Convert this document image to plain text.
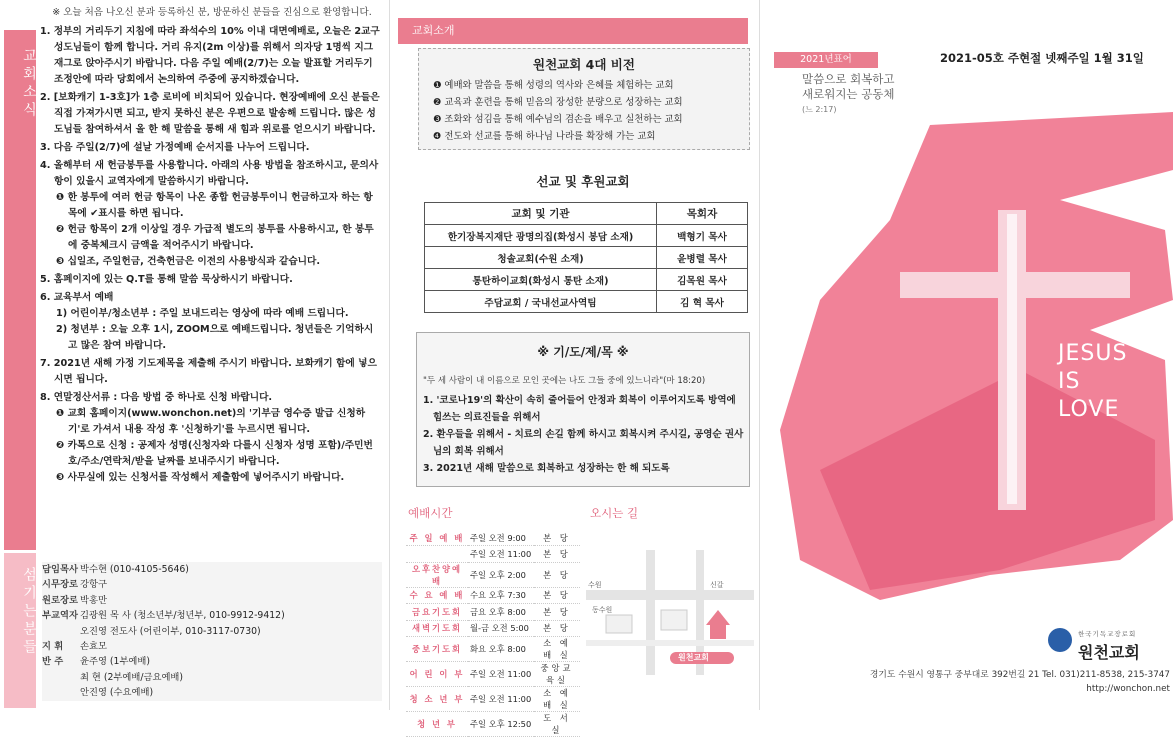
교회소식
섬기는분들
※ 오늘 처음 나오신 분과 등록하신 분, 방문하신 분들을 진심으로 환영합니다.
1. 정부의 거리두기 지침에 따라 좌석수의 10% 이내 대면예배로, 오늘은 2교구 성도님들이 함께 합니다. 거리 유지(2m 이상)를 위해서 의자당 1명씩 지그재그로 앉아주시기 바랍니다. 다음 주일 예배(2/7)는 오늘 발표할 거리두기 조정안에 따라 당회에서 논의하여 주중에 공지하겠습니다.
2. [보화캐기 1-3호]가 1층 로비에 비치되어 있습니다. 현장예배에 오신 분들은 직접 가져가시면 되고, 받지 못하신 분은 우편으로 발송해 드립니다. 많은 성도님들 참여하셔서 올 한 해 말씀을 통해 새 힘과 위로를 얻으시기 바랍니다.
3. 다음 주일(2/7)에 설날 가정예배 순서지를 나누어 드립니다.
4. 올해부터 새 헌금봉투를 사용합니다. 아래의 사용 방법을 참조하시고, 문의사항이 있을시 교역자에게 말씀하시기 바랍니다.
❶ 한 봉투에 여러 헌금 항목이 나온 종합 헌금봉투이니 헌금하고자 하는 항목에 ✔표시를 하면 됩니다.
❷ 헌금 항목이 2개 이상일 경우 가급적 별도의 봉투를 사용하시고, 한 봉투에 중복체크시 금액을 적어주시기 바랍니다.
❸ 십일조, 주일헌금, 건축헌금은 이전의 사용방식과 같습니다.
5. 홈페이지에 있는 Q.T를 통해 말씀 묵상하시기 바랍니다.
6. 교육부서 예배
1) 어린이부/청소년부 : 주일 보내드리는 영상에 따라 예배 드립니다.
2) 청년부 : 오늘 오후 1시, ZOOM으로 예배드립니다. 청년들은 기억하시고 많은 참여 바랍니다.
7. 2021년 새해 가정 기도제목을 제출해 주시기 바랍니다. 보화캐기 함에 넣으시면 됩니다.
8. 연말정산서류 : 다음 방법 중 하나로 신청 바랍니다.
❶ 교회 홈페이지(www.wonchon.net)의 '기부금 영수증 발급 신청하기'로 가셔서 내용 작성 후 '신청하기'를 누르시면 됩니다.
❷ 카톡으로 신청 : 공제자 성명(신청자와 다를시 신청자 성명 포함)/주민번호/주소/연락처/받을 날짜를 보내주시기 바랍니다.
❸ 사무실에 있는 신청서를 작성해서 제출함에 넣어주시기 바랍니다.
담임목사 박수현 (010-4105-5646)
시무장로 강항구
원로장로 박홍만
부교역자 김광원 목 사 (청소년부/청년부, 010-9912-9412)
오진영 전도사 (어린이부, 010-3117-0730)
지 휘	손효모
반 주	윤주영 (1부예배)
최 현 (2부예배/금요예배)
안진영 (수요예배)
교회소개
원천교회 4대 비전
❶ 예배와 말씀을 통해 성령의 역사와 은혜를 체험하는 교회
❷ 교육과 훈련을 통해 믿음의 장성한 분량으로 성장하는 교회
❸ 조화와 섬김을 통해 예수님의 겸손을 배우고 실천하는 교회
❹ 전도와 선교를 통해 하나님 나라를 확장해 가는 교회
선교 및 후원교회
교회 및 기관	목회자
한기장복지재단 광명의집(화성시 봉담 소재)	백형기 목사
청솔교회(수원 소재)	윤병렬 목사
통탄하이교회(화성시 통탄 소재)	김목원 목사
주담교회 / 국내선교사역팀	김 혁 목사
※ 기/도/제/목 ※
"두 세 사람이 내 이름으로 모인 곳에는 나도 그들 중에 있느니라"(마 18:20)
1. '코로나19'의 확산이 속히 줄어들어 안정과 회복이 이루어지도록 방역에 힘쓰는 의료진들을 위해서
2. 환우들을 위해서 - 치료의 손길 함께 하시고 회복시켜 주시길, 공영순 권사님의 회복 위해서
3. 2021년 새해 말씀으로 회복하고 성장하는 한 해 되도록
예배시간
주 일 예 배	주일 오전 9:00	본 당
	주일 오전 11:00	본 당
오후찬양예배	주일 오후 2:00	본 당
수 요 예 배	수요 오후 7:30	본 당
금요기도회	금요 오후 8:00	본 당
새벽기도회	월-금 오전 5:00	본 당
중보기도회	화요 오후 8:00	소 예 배 실
어 린 이 부	주일 오전 11:00	중앙교육실
청 소 년 부	주일 오전 11:00	소 예 배 실
청 년 부	주일 오후 12:50	도 서 실
오시는 길
원천교회
신갈
수원
동수원
2021년표어	2021-05호 주현절 넷째주일 1월 31일
말씀으로 회복하고
새로워지는 공동체
(느 2:17)
JESUS
IS
LOVE
한국기독교장로회
원천교회
경기도 수원시 영통구 중부대로 392번길 21 Tel. 031)211-8538, 215-3747
http://wonchon.net
